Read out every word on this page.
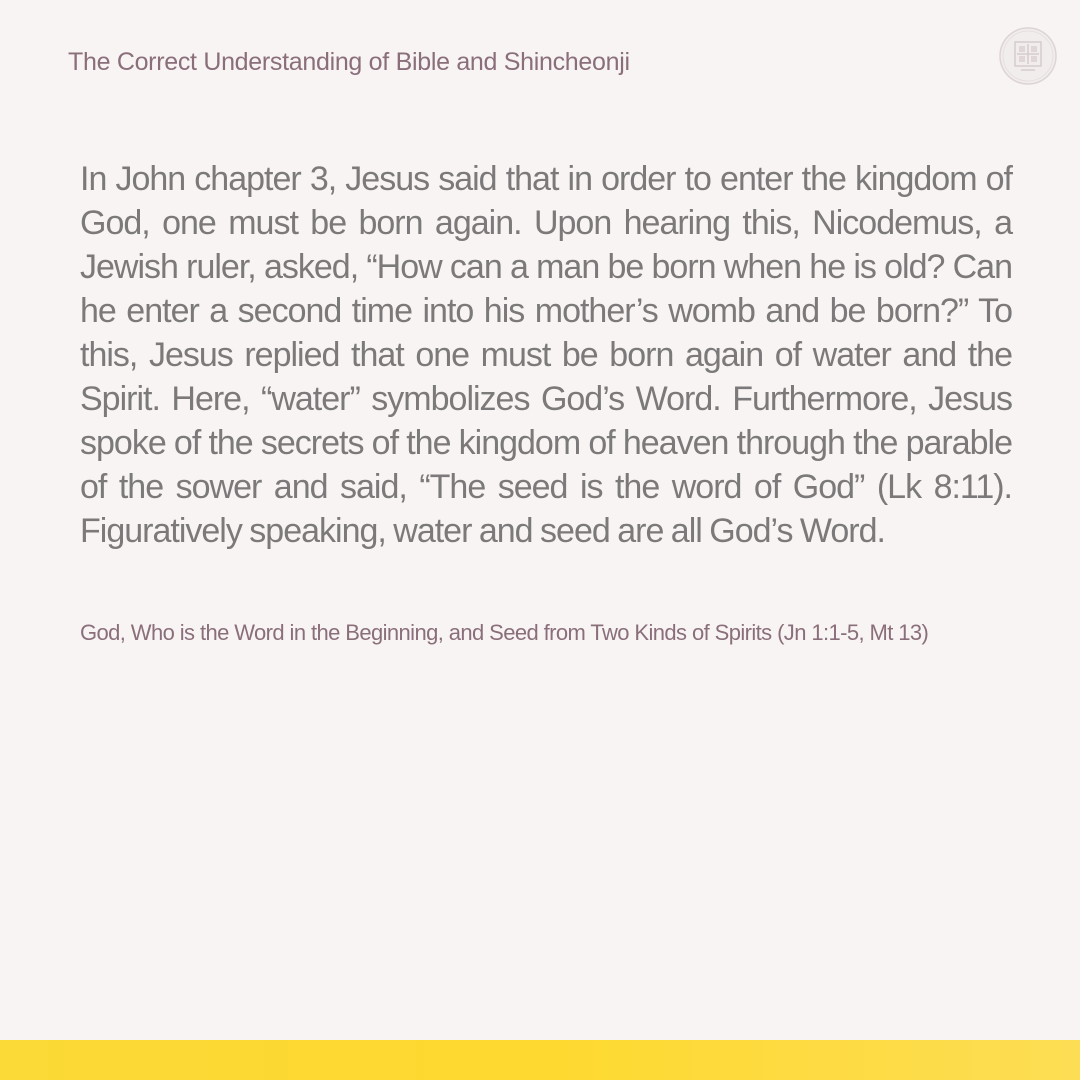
The Correct Understanding of Bible and Shincheonji
In John chapter 3, Jesus said that in order to enter the kingdom of God, one must be born again. Upon hearing this, Nicodemus, a Jewish ruler, asked, “How can a man be born when he is old? Can he enter a second time into his mother’s womb and be born?” To this, Jesus replied that one must be born again of water and the Spirit. Here, “water” symbolizes God’s Word. Furthermore, Jesus spoke of the secrets of the kingdom of heaven through the parable of the sower and said, “The seed is the word of God” (Lk 8:11). Figuratively speaking, water and seed are all God’s Word.
God, Who is the Word in the Beginning, and Seed from Two Kinds of Spirits (Jn 1:1-5, Mt 13)
